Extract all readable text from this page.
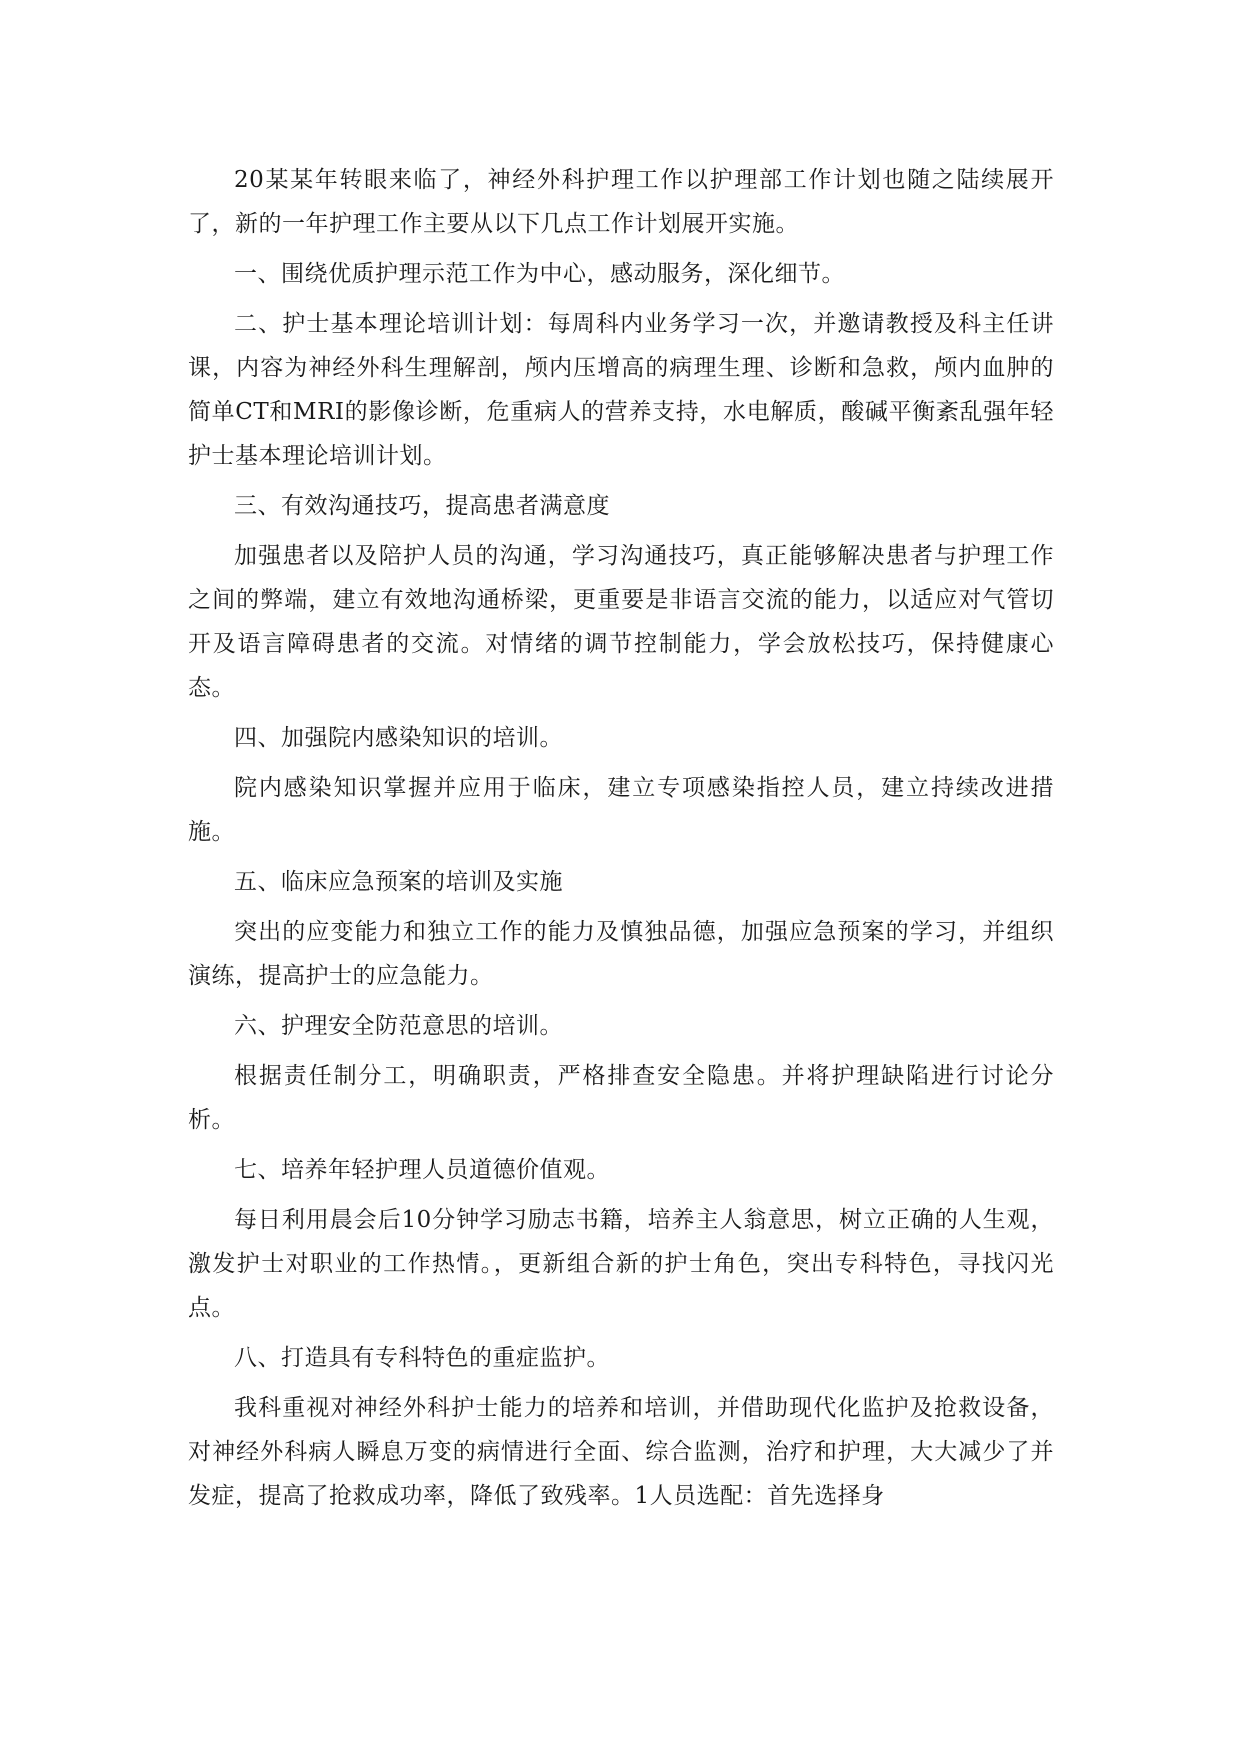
20某某年转眼来临了，神经外科护理工作以护理部工作计划也随之陆续展开了，新的一年护理工作主要从以下几点工作计划展开实施。

一、围绕优质护理示范工作为中心，感动服务，深化细节。

二、护士基本理论培训计划：每周科内业务学习一次，并邀请教授及科主任讲课，内容为神经外科生理解剖，颅内压增高的病理生理、诊断和急救，颅内血肿的简单CT和MRI的影像诊断，危重病人的营养支持，水电解质，酸碱平衡紊乱强年轻护士基本理论培训计划。

三、有效沟通技巧，提高患者满意度

加强患者以及陪护人员的沟通，学习沟通技巧，真正能够解决患者与护理工作之间的弊端，建立有效地沟通桥梁，更重要是非语言交流的能力，以适应对气管切开及语言障碍患者的交流。对情绪的调节控制能力，学会放松技巧，保持健康心态。

四、加强院内感染知识的培训。

院内感染知识掌握并应用于临床，建立专项感染指控人员，建立持续改进措施。

五、临床应急预案的培训及实施

突出的应变能力和独立工作的能力及慎独品德，加强应急预案的学习，并组织演练，提高护士的应急能力。

六、护理安全防范意思的培训。

根据责任制分工，明确职责，严格排查安全隐患。并将护理缺陷进行讨论分析。

七、培养年轻护理人员道德价值观。

每日利用晨会后10分钟学习励志书籍，培养主人翁意思，树立正确的人生观，激发护士对职业的工作热情。，更新组合新的护士角色，突出专科特色，寻找闪光点。

八、打造具有专科特色的重症监护。

我科重视对神经外科护士能力的培养和培训，并借助现代化监护及抢救设备，对神经外科病人瞬息万变的病情进行全面、综合监测，治疗和护理，大大减少了并发症，提高了抢救成功率，降低了致残率。1人员选配：首先选择身
